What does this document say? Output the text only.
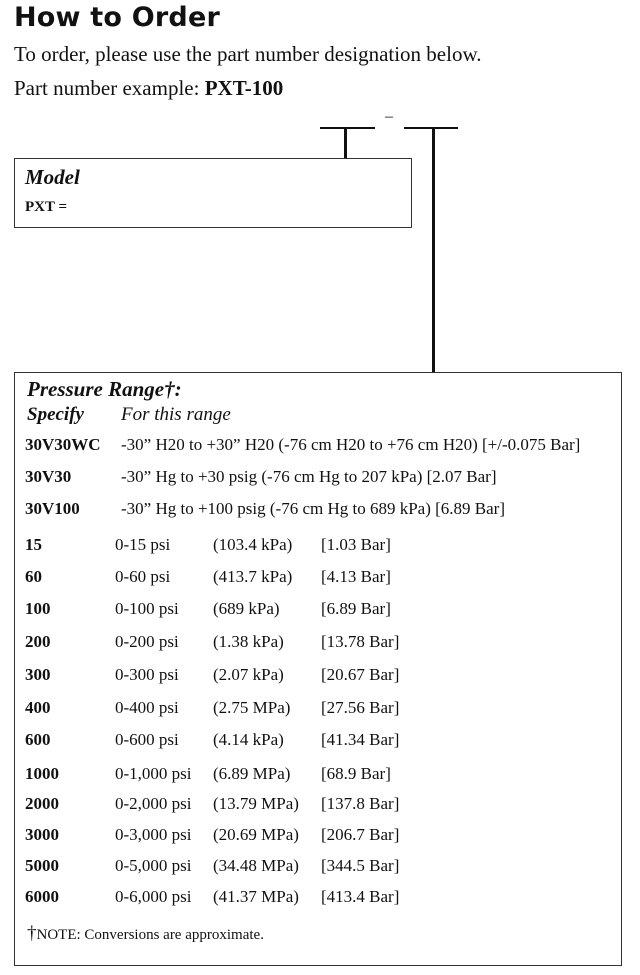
How to Order
To order, please use the part number designation below.
Part number example: PXT-100
–
Model
PXT =
Pressure Range†:
Specify For this range
30V30WC -30” H20 to +30” H20 (-76 cm H20 to +76 cm H20) [+/-0.075 Bar]
30V30	-30” Hg to +30 psig (-76 cm Hg to 207 kPa) [2.07 Bar]
30V100 -30” Hg to +100 psig (-76 cm Hg to 689 kPa) [6.89 Bar]
15	0-15 psi	(103.4 kPa) [1.03 Bar]
60	0-60 psi	(413.7 kPa) [4.13 Bar]
100	0-100 psi (689 kPa) [6.89 Bar]
200	0-200 psi (1.38 kPa) [13.78 Bar]
300	0-300 psi (2.07 kPa) [20.67 Bar]
400	0-400 psi (2.75 MPa) [27.56 Bar]
600	0-600 psi (4.14 kPa) [41.34 Bar]
1000	0-1,000 psi (6.89 MPa) [68.9 Bar]
2000	0-2,000 psi (13.79 MPa) [137.8 Bar]
3000	0-3,000 psi (20.69 MPa) [206.7 Bar]
5000	0-5,000 psi (34.48 MPa) [344.5 Bar]
6000	0-6,000 psi (41.37 MPa) [413.4 Bar]
†NOTE: Conversions are approximate.
